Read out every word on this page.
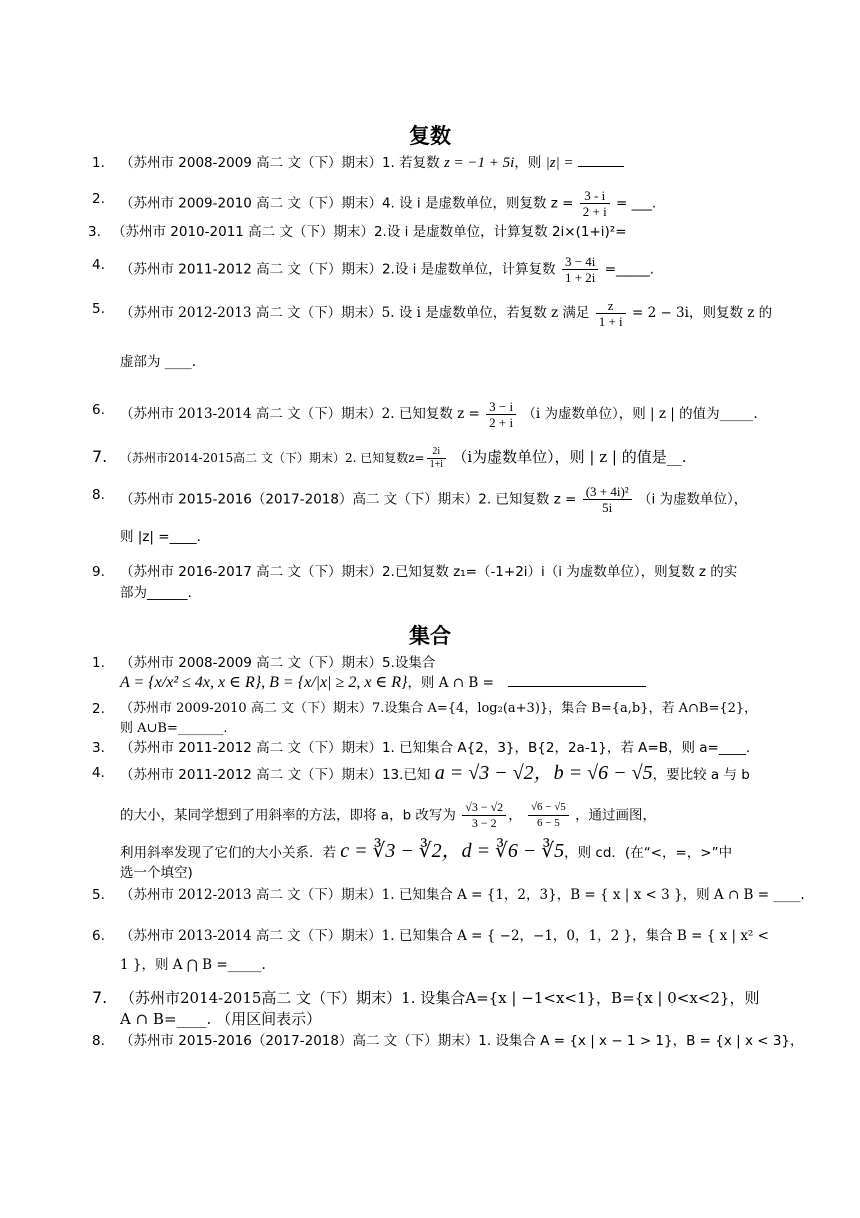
复数
1.	（苏州市 2008-2009 高二 文（下）期末）1. 若复数 z = −1 + 5i，则 |z| =
2.	（苏州市 2009-2010 高二 文（下）期末）4. 设 i 是虚数单位，则复数 $z = \frac{3 - i}{2 + i}$ = ___.
3. （苏州市 2010-2011 高二 文（下）期末）2.设 i 是虚数单位，计算复数 2i×(1+i)²=
4.	（苏州市 2011-2012 高二 文（下）期末）2.设 i 是虚数单位，计算复数 $\frac{3 - 4i}{1 + 2i}$ =_____.
5.	（苏州市 2012-2013 高二 文（下）期末）5. 设 i 是虚数单位，若复数 z 满足 $\frac{z}{1 + i} = 2 - 3i$，则复数 z 的
虚部为 ____.
6.	（苏州市 2013-2014 高二 文（下）期末）2. 已知复数 $z = \frac{3 - i}{2 + i} (i$ 为虚数单位），则 | z | 的值为_____.
7.	（苏州市2014-2015高二 文（下）期末）2. 已知复数$z= \frac{2i}{1+i} (i$为虚数单位），则 | z | 的值是__.
8.	（苏州市 2015-2016（2017-2018）高二 文（下）期末）2. 已知复数 $z = \frac{\text{(3 + 4i)²}}{5i} (i$ 为虚数单位），
则 |z| =____.
9.	（苏州市 2016-2017 高二 文（下）期末）2.已知复数 z₁=（-1+2i）i（i 为虚数单位），则复数 z 的实
部为______.
集合
1.	（苏州市 2008-2009 高二 文（下）期末）5.设集合
A = {x/x² ≤ 4x, x ∈ R}, B = {x/|x| ≥ 2, x ∈ R}，则 A ∩ B =
2.	（苏州市 2009-2010 高二 文（下）期末）7.设集合 A={4，log₂(a+3)}，集合 B={a,b}，若 A∩B={2}，
则 A∪B=_______.
3.	（苏州市 2011-2012 高二 文（下）期末）1. 已知集合 A{2，3}，B{2，2a-1}，若 A=B，则 a=____.
4.	（苏州市 2011-2012 高二 文（下）期末）13.已知 a = √3 − √2，b = √6 − √5，要比较 a 与 b
的大小，某同学想到了用斜率的方法，即将 a，b 改写为 $\frac{√3 - √2}{3 - 2}$ ， $\frac{√6 - √5}{6 - 5}$ ，通过画图，
利用斜率发现了它们的大小关系．若 c = ∛3 − ∛2，d = ∛6 − ∛5，则 cd．(在“<，=，>”中
选一个填空)
5.	（苏州市 2012-2013 高二 文（下）期末）1. 已知集合 A = {1，2，3}，B = { x | x < 3 }，则 A ∩ B = ____.
6.	（苏州市 2013-2014 高二 文（下）期末）1. 已知集合 A = { −2，−1，0，1，2 }，集合 B = { x | x² <
1 }，则 A ⋂ B =_____.
7. （苏州市2014-2015高二 文（下）期末）1. 设集合A={x | −1<x<1}，B={x | 0<x<2}，则
A ∩ B=____. （用区间表示）
8.	（苏州市 2015-2016（2017-2018）高二 文（下）期末）1. 设集合 A = {x | x − 1 > 1}，B = {x | x < 3}，
